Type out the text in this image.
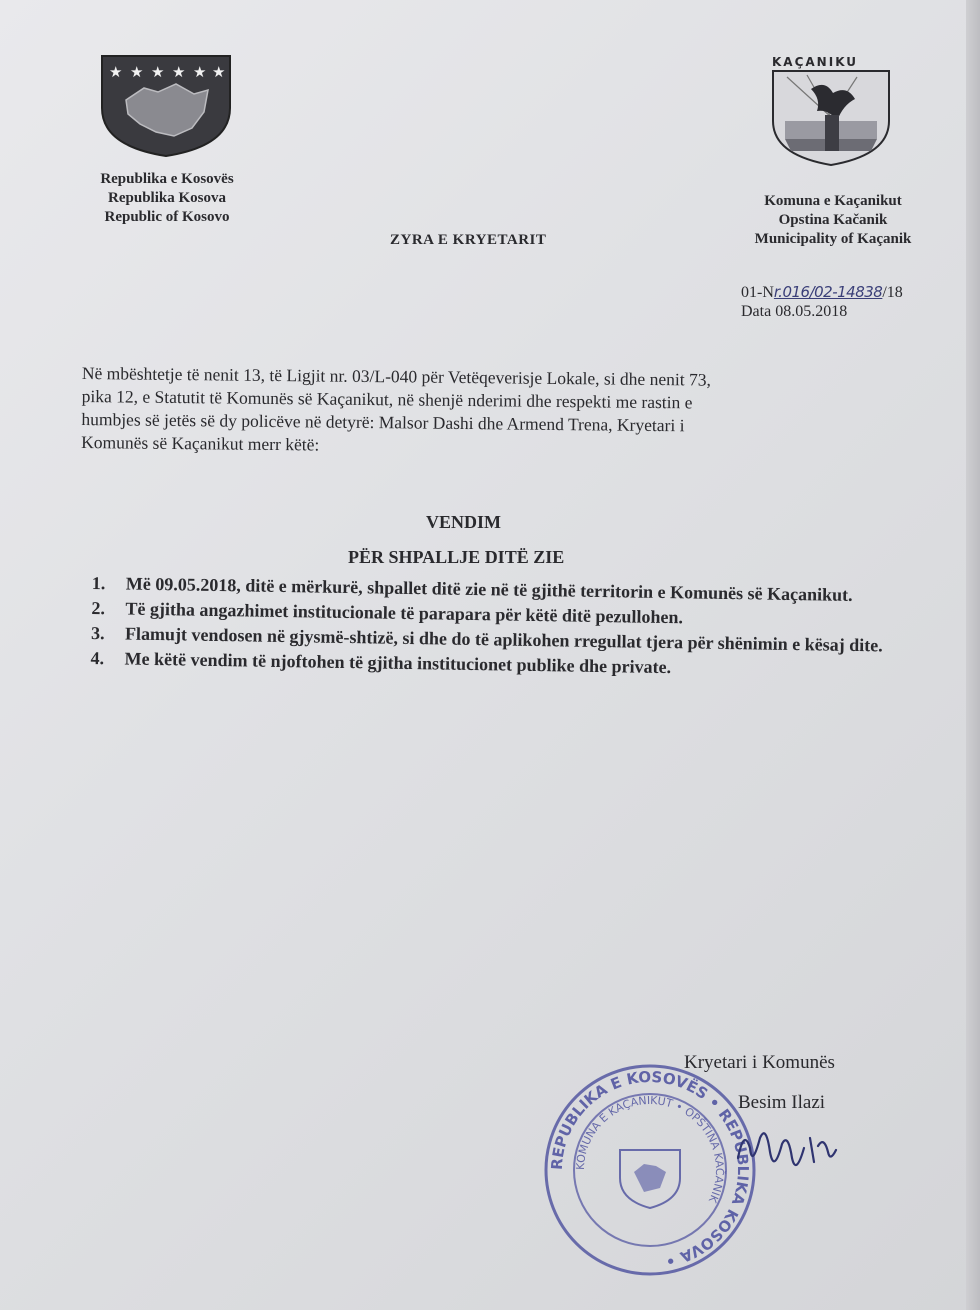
★ ★ ★ ★ ★ ★
Republika e Kosovës
Republika Kosova
Republic of Kosovo
KAÇANIKU
Komuna e Kaçanikut
Opstina Kačanik
Municipality of Kaçanik
ZYRA E KRYETARIT
01-Nr.016/02-14838/18
Data 08.05.2018
Në mbështetje të nenit 13, të Ligjit nr. 03/L-040 për Vetëqeverisje Lokale, si dhe nenit 73,
pika 12, e Statutit të Komunës së Kaçanikut, në shenjë nderimi dhe respekti me rastin e
humbjes së jetës së dy policëve në detyrë: Malsor Dashi dhe Armend Trena, Kryetari i
Komunës së Kaçanikut merr këtë:
VENDIM
PËR SHPALLJE DITË ZIE
1.	Më 09.05.2018, ditë e mërkurë, shpallet ditë zie në të gjithë territorin e Komunës së Kaçanikut.
2.	Të gjitha angazhimet institucionale të parapara për këtë ditë pezullohen.
3.	Flamujt vendosen në gjysmë-shtizë, si dhe do të aplikohen rregullat tjera për shënimin e kësaj dite.
4.	Me këtë vendim të njoftohen të gjitha institucionet publike dhe private.
Kryetari i Komunës
Besim Ilazi
REPUBLIKA E KOSOVËS • REPUBLIKA KOSOVA •
KOMUNA E KAÇANIKUT • OPŠTINA KAČANIK
